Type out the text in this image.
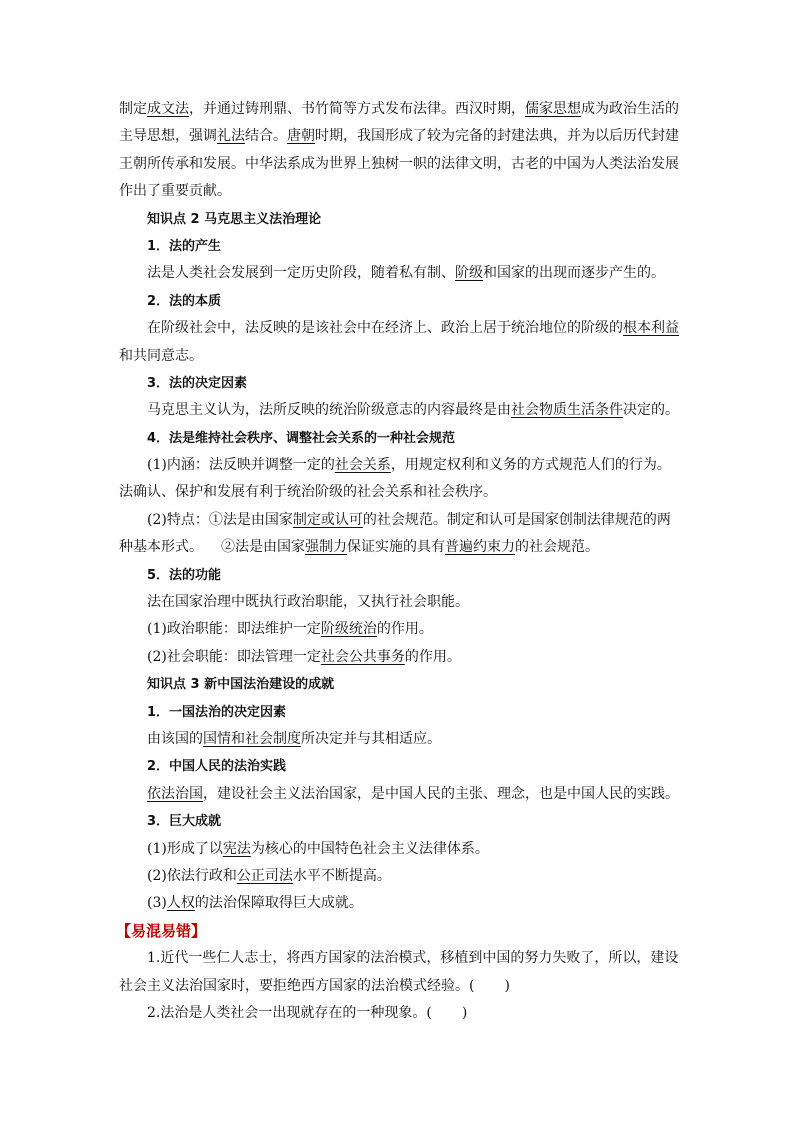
制定成文法，并通过铸刑鼎、书竹简等方式发布法律。西汉时期，儒家思想成为政治生活的
主导思想，强调礼法结合。唐朝时期，我国形成了较为完备的封建法典，并为以后历代封建
王朝所传承和发展。中华法系成为世界上独树一帜的法律文明，古老的中国为人类法治发展
作出了重要贡献。
知识点 2 马克思主义法治理论
1．法的产生
法是人类社会发展到一定历史阶段，随着私有制、阶级和国家的出现而逐步产生的。
2．法的本质
在阶级社会中，法反映的是该社会中在经济上、政治上居于统治地位的阶级的根本利益
和共同意志。
3．法的决定因素
马克思主义认为，法所反映的统治阶级意志的内容最终是由社会物质生活条件决定的。
4．法是维持社会秩序、调整社会关系的一种社会规范
(1)内涵：法反映并调整一定的社会关系，用规定权利和义务的方式规范人们的行为。
法确认、保护和发展有利于统治阶级的社会关系和社会秩序。
(2)特点：①法是由国家制定或认可的社会规范。制定和认可是国家创制法律规范的两
种基本形式。 ②法是由国家强制力保证实施的具有普遍约束力的社会规范。
5．法的功能
法在国家治理中既执行政治职能，又执行社会职能。
(1)政治职能：即法维护一定阶级统治的作用。
(2)社会职能：即法管理一定社会公共事务的作用。
知识点 3 新中国法治建设的成就
1．一国法治的决定因素
由该国的国情和社会制度所决定并与其相适应。
2．中国人民的法治实践
依法治国，建设社会主义法治国家，是中国人民的主张、理念，也是中国人民的实践。
3．巨大成就
(1)形成了以宪法为核心的中国特色社会主义法律体系。
(2)依法行政和公正司法水平不断提高。
(3)人权的法治保障取得巨大成就。
【易混易错】
1.近代一些仁人志士，将西方国家的法治模式，移植到中国的努力失败了，所以，建设
社会主义法治国家时，要拒绝西方国家的法治模式经验。( )
2.法治是人类社会一出现就存在的一种现象。( )
